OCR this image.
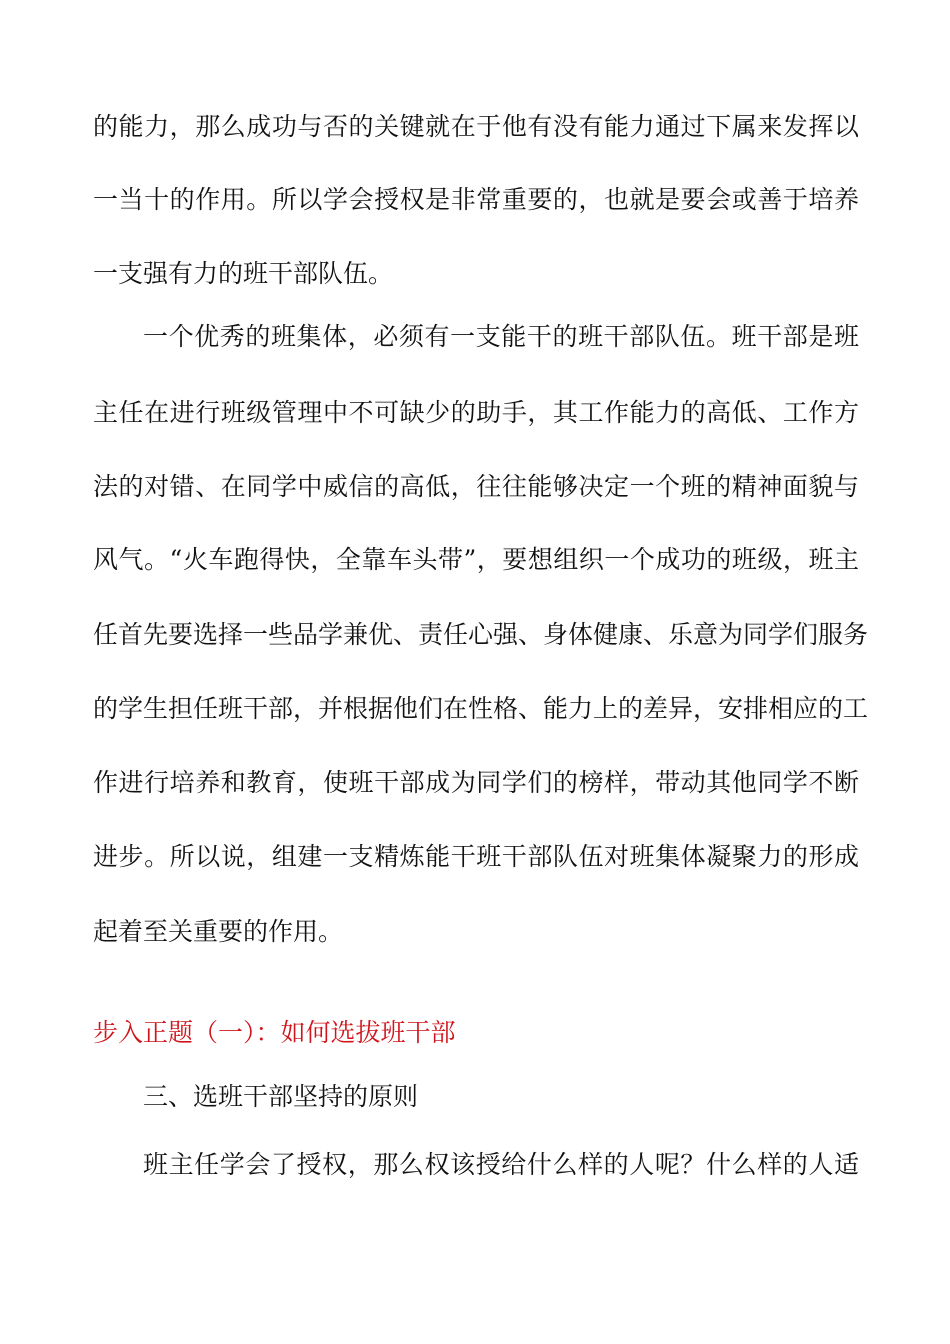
的能力，那么成功与否的关键就在于他有没有能力通过下属来发挥以

一当十的作用。所以学会授权是非常重要的，也就是要会或善于培养

一支强有力的班干部队伍。

一个优秀的班集体，必须有一支能干的班干部队伍。班干部是班

主任在进行班级管理中不可缺少的助手，其工作能力的高低、工作方

法的对错、在同学中威信的高低，往往能够决定一个班的精神面貌与

风气。“火车跑得快，全靠车头带”，要想组织一个成功的班级，班主

任首先要选择一些品学兼优、责任心强、身体健康、乐意为同学们服务

的学生担任班干部，并根据他们在性格、能力上的差异，安排相应的工

作进行培养和教育，使班干部成为同学们的榜样，带动其他同学不断

进步。所以说，组建一支精炼能干班干部队伍对班集体凝聚力的形成

起着至关重要的作用。

步入正题（一）：如何选拔班干部

三、选班干部坚持的原则

班主任学会了授权，那么权该授给什么样的人呢？什么样的人适
